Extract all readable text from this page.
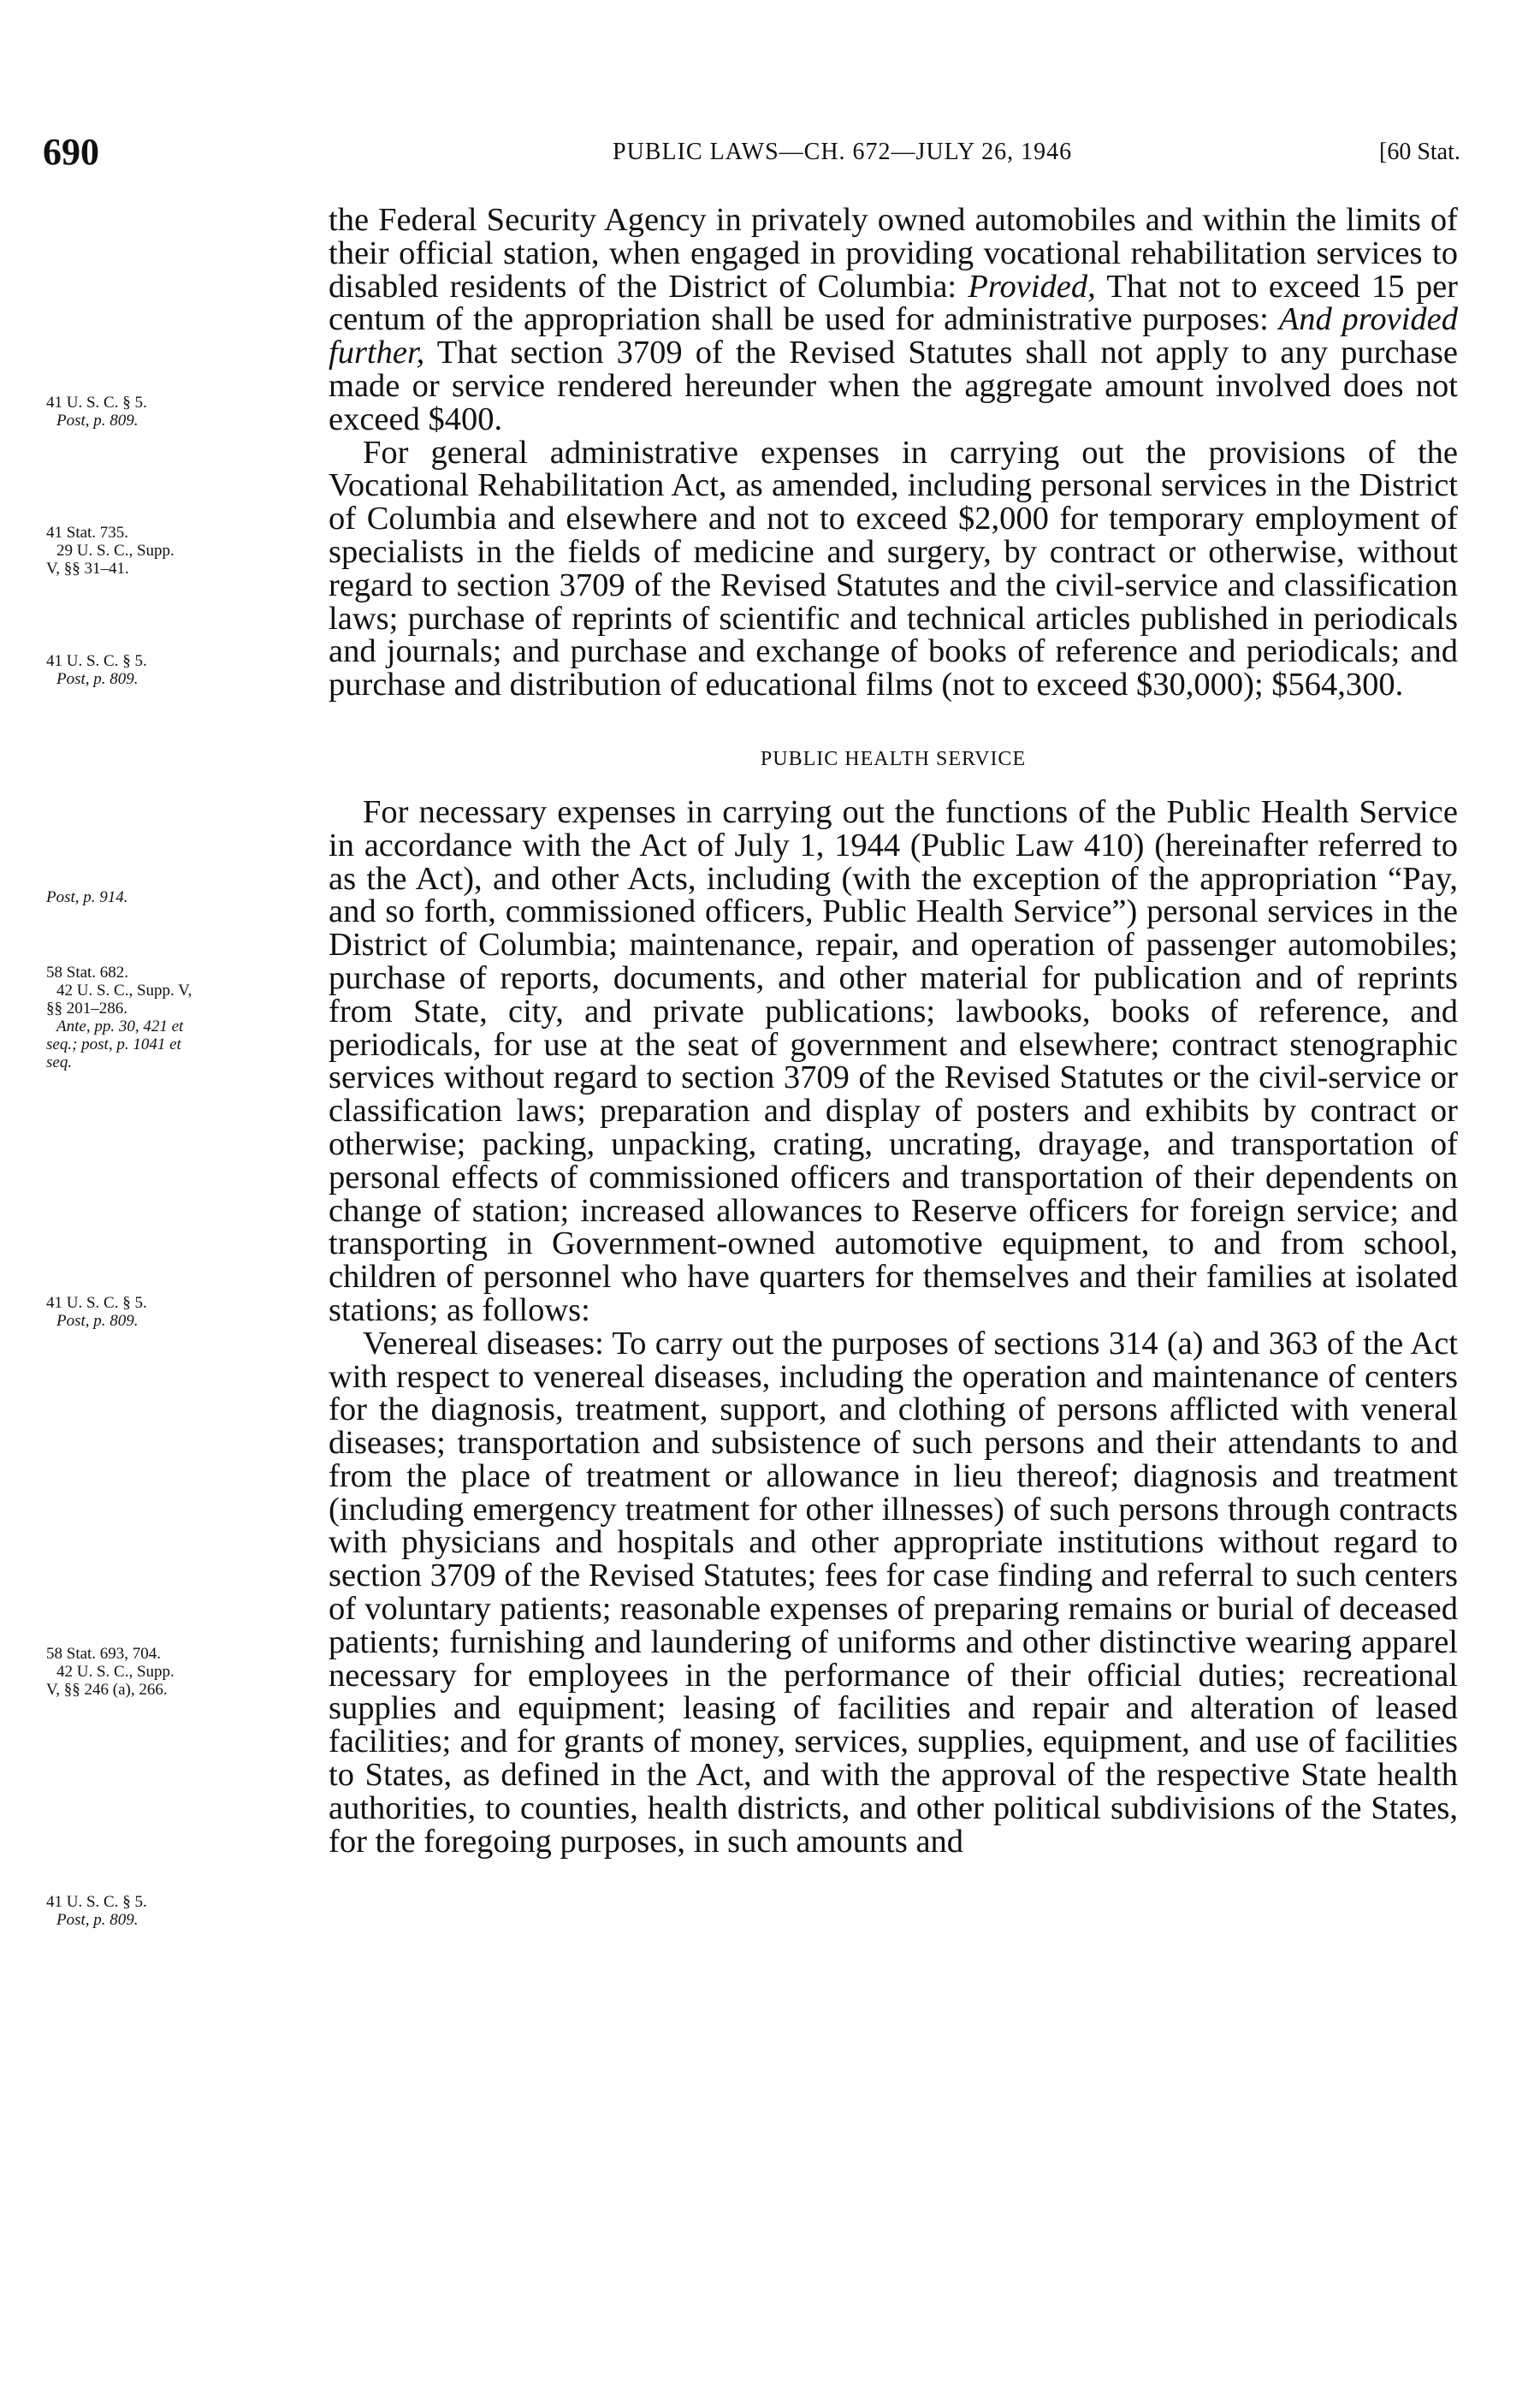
690	PUBLIC LAWS—CH. 672—JULY 26, 1946	[60 Stat.

the Federal Security Agency in privately owned automobiles and within the limits of their official station, when engaged in providing vocational rehabilitation services to disabled residents of the District of Columbia: Provided, That not to exceed 15 per centum of the appropriation shall be used for administrative purposes: And provided further, That section 3709 of the Revised Statutes shall not apply to any purchase made or service rendered hereunder when the aggregate amount involved does not exceed $400.

For general administrative expenses in carrying out the provisions of the Vocational Rehabilitation Act, as amended, including personal services in the District of Columbia and elsewhere and not to exceed $2,000 for temporary employment of specialists in the fields of medicine and surgery, by contract or otherwise, without regard to section 3709 of the Revised Statutes and the civil-service and classification laws; purchase of reprints of scientific and technical articles published in periodicals and journals; and purchase and exchange of books of reference and periodicals; and purchase and distribution of educational films (not to exceed $30,000); $564,300.

PUBLIC HEALTH SERVICE

For necessary expenses in carrying out the functions of the Public Health Service in accordance with the Act of July 1, 1944 (Public Law 410) (hereinafter referred to as the Act), and other Acts, including (with the exception of the appropriation “Pay, and so forth, commissioned officers, Public Health Service”) personal services in the District of Columbia; maintenance, repair, and operation of passenger automobiles; purchase of reports, documents, and other material for publication and of reprints from State, city, and private publications; lawbooks, books of reference, and periodicals, for use at the seat of government and elsewhere; contract stenographic services without regard to section 3709 of the Revised Statutes or the civil-service or classification laws; preparation and display of posters and exhibits by contract or otherwise; packing, unpacking, crating, uncrating, drayage, and transportation of personal effects of commissioned officers and transportation of their dependents on change of station; increased allowances to Reserve officers for foreign service; and transporting in Government-owned automotive equipment, to and from school, children of personnel who have quarters for themselves and their families at isolated stations; as follows:

Venereal diseases: To carry out the purposes of sections 314 (a) and 363 of the Act with respect to venereal diseases, including the operation and maintenance of centers for the diagnosis, treatment, support, and clothing of persons afflicted with veneral diseases; transportation and subsistence of such persons and their attendants to and from the place of treatment or allowance in lieu thereof; diagnosis and treatment (including emergency treatment for other illnesses) of such persons through contracts with physicians and hospitals and other appropriate institutions without regard to section 3709 of the Revised Statutes; fees for case finding and referral to such centers of voluntary patients; reasonable expenses of preparing remains or burial of deceased patients; furnishing and laundering of uniforms and other distinctive wearing apparel necessary for employees in the performance of their official duties; recreational supplies and equipment; leasing of facilities and repair and alteration of leased facilities; and for grants of money, services, supplies, equipment, and use of facilities to States, as defined in the Act, and with the approval of the respective State health authorities, to counties, health districts, and other political subdivisions of the States, for the foregoing purposes, in such amounts and

41 U. S. C. § 5.
Post, p. 809.
41 Stat. 735.
29 U. S. C., Supp.
V, §§ 31–41.
41 U. S. C. § 5.
Post, p. 809.
Post, p. 914.
58 Stat. 682.
42 U. S. C., Supp. V,
§§ 201–286.
Ante, pp. 30, 421 et
seq.; post, p. 1041 et
seq.
41 U. S. C. § 5.
Post, p. 809.
58 Stat. 693, 704.
42 U. S. C., Supp.
V, §§ 246 (a), 266.
41 U. S. C. § 5.
Post, p. 809.
